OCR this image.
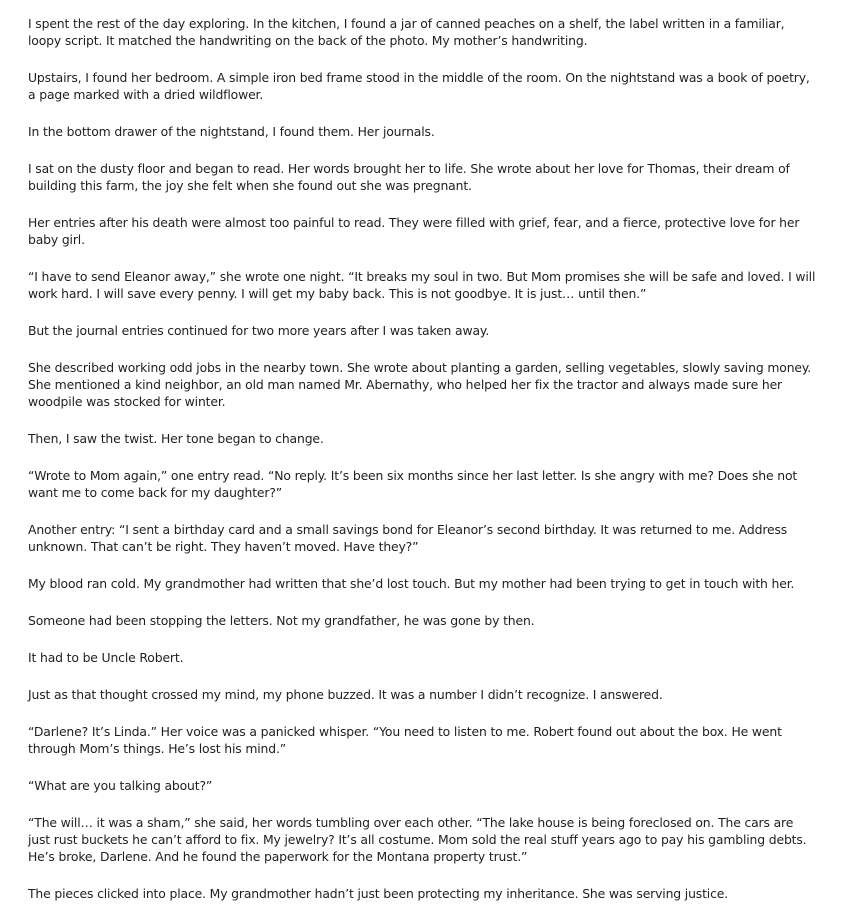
I spent the rest of the day exploring. In the kitchen, I found a jar of canned peaches on a shelf, the label written in a familiar, loopy script. It matched the handwriting on the back of the photo. My mother’s handwriting.

Upstairs, I found her bedroom. A simple iron bed frame stood in the middle of the room. On the nightstand was a book of poetry, a page marked with a dried wildflower.

In the bottom drawer of the nightstand, I found them. Her journals.

I sat on the dusty floor and began to read. Her words brought her to life. She wrote about her love for Thomas, their dream of building this farm, the joy she felt when she found out she was pregnant.

Her entries after his death were almost too painful to read. They were filled with grief, fear, and a fierce, protective love for her baby girl.

“I have to send Eleanor away,” she wrote one night. “It breaks my soul in two. But Mom promises she will be safe and loved. I will work hard. I will save every penny. I will get my baby back. This is not goodbye. It is just… until then.”

But the journal entries continued for two more years after I was taken away.

She described working odd jobs in the nearby town. She wrote about planting a garden, selling vegetables, slowly saving money. She mentioned a kind neighbor, an old man named Mr. Abernathy, who helped her fix the tractor and always made sure her woodpile was stocked for winter.

Then, I saw the twist. Her tone began to change.

“Wrote to Mom again,” one entry read. “No reply. It’s been six months since her last letter. Is she angry with me? Does she not want me to come back for my daughter?”

Another entry: “I sent a birthday card and a small savings bond for Eleanor’s second birthday. It was returned to me. Address unknown. That can’t be right. They haven’t moved. Have they?”

My blood ran cold. My grandmother had written that she’d lost touch. But my mother had been trying to get in touch with her.

Someone had been stopping the letters. Not my grandfather, he was gone by then.

It had to be Uncle Robert.

Just as that thought crossed my mind, my phone buzzed. It was a number I didn’t recognize. I answered.

“Darlene? It’s Linda.” Her voice was a panicked whisper. “You need to listen to me. Robert found out about the box. He went through Mom’s things. He’s lost his mind.”

“What are you talking about?”

“The will… it was a sham,” she said, her words tumbling over each other. “The lake house is being foreclosed on. The cars are just rust buckets he can’t afford to fix. My jewelry? It’s all costume. Mom sold the real stuff years ago to pay his gambling debts. He’s broke, Darlene. And he found the paperwork for the Montana property trust.”

The pieces clicked into place. My grandmother hadn’t just been protecting my inheritance. She was serving justice.
